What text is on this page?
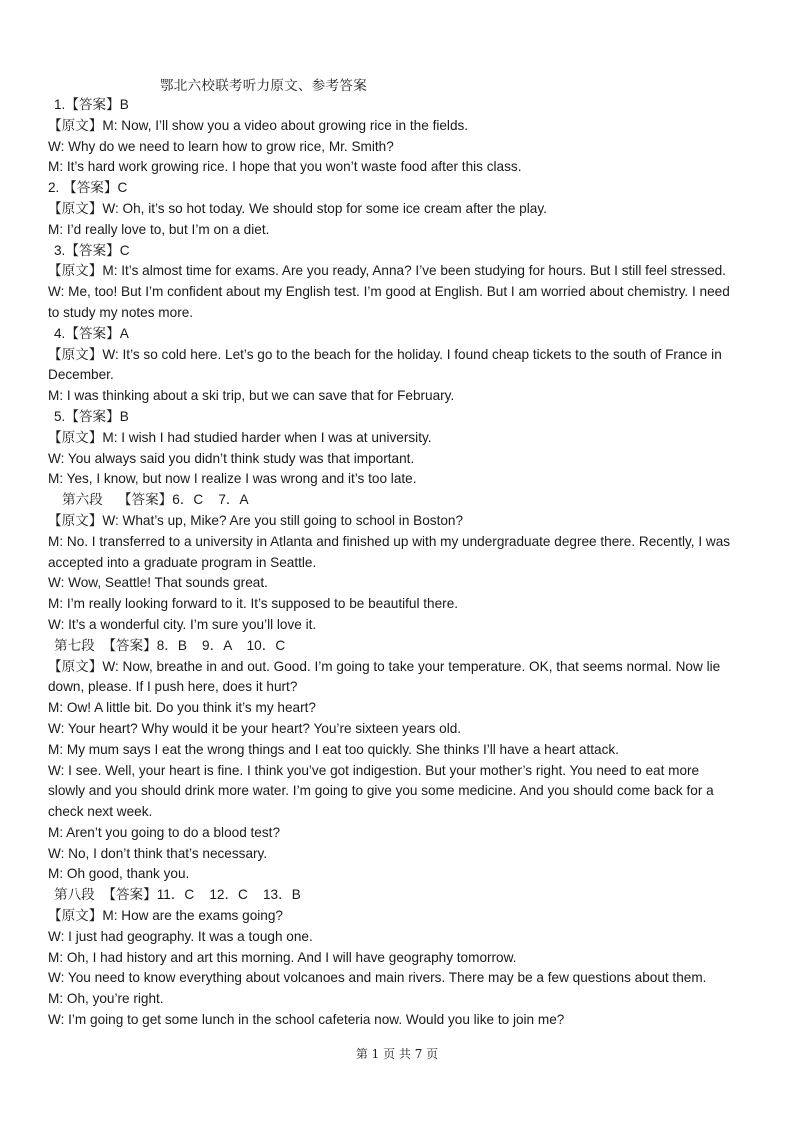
鄂北六校联考听力原文、参考答案
1.【答案】B
【原文】M: Now, I’ll show you a video about growing rice in the fields.
W: Why do we need to learn how to grow rice, Mr. Smith?
M: It’s hard work growing rice. I hope that you won’t waste food after this class.
2. 【答案】C
【原文】W: Oh, it’s so hot today. We should stop for some ice cream after the play.
M: I’d really love to, but I’m on a diet.
3.【答案】C
【原文】M: It’s almost time for exams. Are you ready, Anna? I’ve been studying for hours. But I still feel stressed.
W: Me, too! But I’m confident about my English test. I’m good at English. But I am worried about chemistry. I need
to study my notes more.
4.【答案】A
【原文】W: It’s so cold here. Let’s go to the beach for the holiday. I found cheap tickets to the south of France in
December.
M: I was thinking about a ski trip, but we can save that for February.
5.【答案】B
【原文】M: I wish I had studied harder when I was at university.
W: You always said you didn’t think study was that important.
M: Yes, I know, but now I realize I was wrong and it’s too late.
第六段    【答案】6．C    7．A
【原文】W: What’s up, Mike? Are you still going to school in Boston?
M: No. I transferred to a university in Atlanta and finished up with my undergraduate degree there. Recently, I was
accepted into a graduate program in Seattle.
W: Wow, Seattle! That sounds great.
M: I’m really looking forward to it. It’s supposed to be beautiful there.
W: It’s a wonderful city. I’m sure you’ll love it.
第七段  【答案】8．B    9．A    10．C
【原文】W: Now, breathe in and out. Good. I’m going to take your temperature. OK, that seems normal. Now lie
down, please. If I push here, does it hurt?
M: Ow! A little bit. Do you think it’s my heart?
W: Your heart? Why would it be your heart? You’re sixteen years old.
M: My mum says I eat the wrong things and I eat too quickly. She thinks I’ll have a heart attack.
W: I see. Well, your heart is fine. I think you’ve got indigestion. But your mother’s right. You need to eat more
slowly and you should drink more water. I’m going to give you some medicine. And you should come back for a
check next week.
M: Aren’t you going to do a blood test?
W: No, I don’t think that’s necessary.
M: Oh good, thank you.
第八段  【答案】11．C    12．C    13．B
【原文】M: How are the exams going?
W: I just had geography. It was a tough one.
M: Oh, I had history and art this morning. And I will have geography tomorrow.
W: You need to know everything about volcanoes and main rivers. There may be a few questions about them.
M: Oh, you’re right.
W: I’m going to get some lunch in the school cafeteria now. Would you like to join me?
第 1 页 共 7 页
